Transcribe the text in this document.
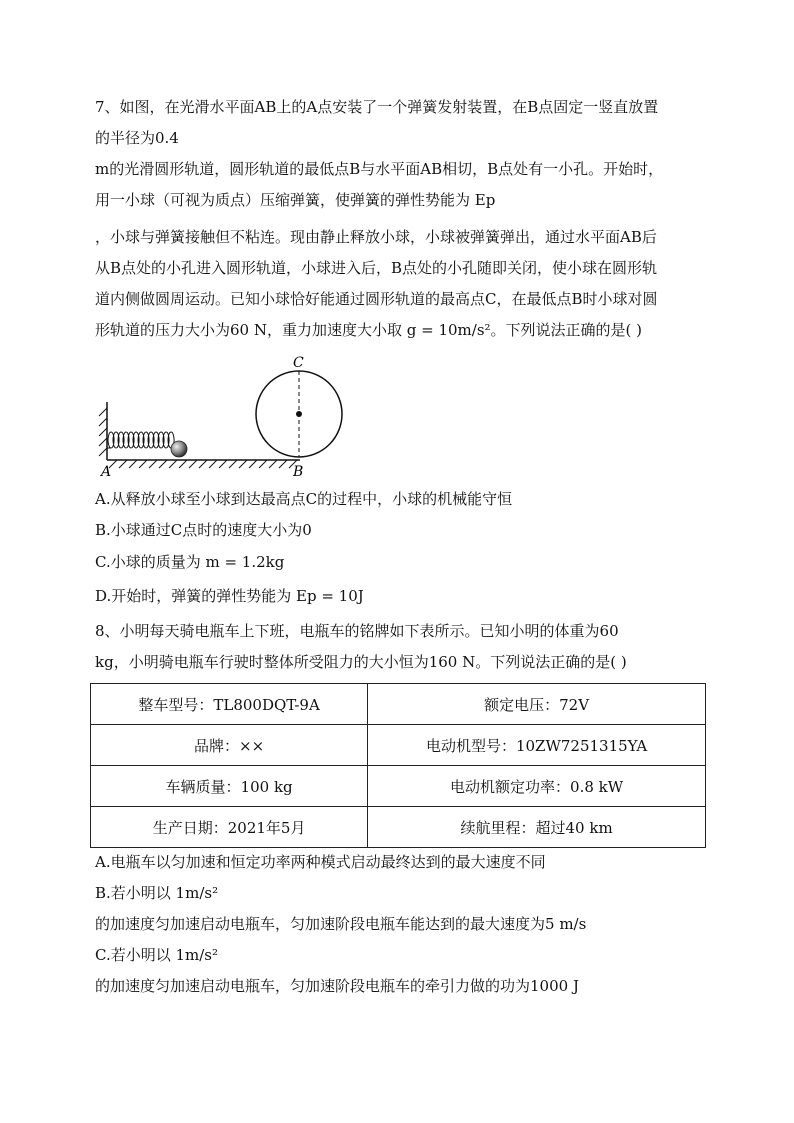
7、如图，在光滑水平面AB上的A点安装了一个弹簧发射装置，在B点固定一竖直放置
的半径为0.4
m的光滑圆形轨道，圆形轨道的最低点B与水平面AB相切，B点处有一小孔。开始时，
用一小球（可视为质点）压缩弹簧，使弹簧的弹性势能为 Ep
，小球与弹簧接触但不粘连。现由静止释放小球，小球被弹簧弹出，通过水平面AB后
从B点处的小孔进入圆形轨道，小球进入后，B点处的小孔随即关闭，使小球在圆形轨
道内侧做圆周运动。已知小球恰好能通过圆形轨道的最高点C，在最低点B时小球对圆
形轨道的压力大小为60 N，重力加速度大小取 g = 10m/s²。下列说法正确的是( )
A	B
C
A.从释放小球至小球到达最高点C的过程中，小球的机械能守恒
B.小球通过C点时的速度大小为0
C.小球的质量为 m = 1.2kg
D.开始时，弹簧的弹性势能为 Ep = 10J
8、小明每天骑电瓶车上下班，电瓶车的铭牌如下表所示。已知小明的体重为60
kg，小明骑电瓶车行驶时整体所受阻力的大小恒为160 N。下列说法正确的是( )
整车型号：TL800DQT-9A	额定电压：72V
品牌：××	电动机型号：10ZW7251315YA
车辆质量：100 kg	电动机额定功率：0.8 kW
生产日期：2021年5月	续航里程：超过40 km
A.电瓶车以匀加速和恒定功率两种模式启动最终达到的最大速度不同
B.若小明以 1m/s²
的加速度匀加速启动电瓶车，匀加速阶段电瓶车能达到的最大速度为5 m/s
C.若小明以 1m/s²
的加速度匀加速启动电瓶车，匀加速阶段电瓶车的牵引力做的功为1000 J
